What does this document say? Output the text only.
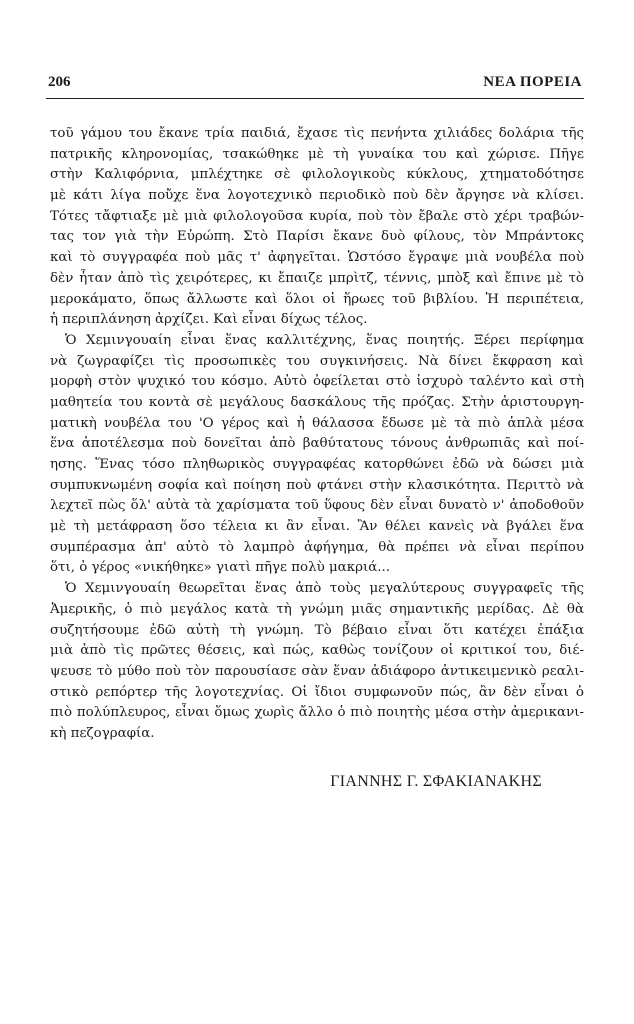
206	ΝΕΑ ΠΟΡΕΙΑ
τοῦ γάμου του ἔκανε τρία παιδιά, ἔχασε τὶς πενήντα χιλιάδες δολάρια τῆς
πατρικῆς κληρονομίας, τσακώθηκε μὲ τὴ γυναίκα του καὶ χώρισε. Πῆγε
στὴν Καλιφόρνια, μπλέχτηκε σὲ φιλολογικοὺς κύκλους, χτηματοδότησε
μὲ κάτι λίγα ποὔχε ἕνα λογοτεχνικὸ περιοδικὸ ποὺ δὲν ἄργησε νὰ κλίσει.
Τότες τἄφτιαξε μὲ μιὰ φιλολογοῦσα κυρία, ποὺ τὸν ἔβαλε στὸ χέρι τραβών-
τας τον γιὰ τὴν Εὐρώπη. Στὸ Παρίσι ἔκανε δυὸ φίλους, τὸν Μπράντοκς
καὶ τὸ συγγραφέα ποὺ μᾶς τ' ἀφηγεῖται. Ὡστόσο ἔγραψε μιὰ νουβέλα ποὺ
δὲν ἦταν ἀπὸ τὶς χειρότερες, κι ἔπαιζε μπρὶτζ, τέννις, μπὸξ καὶ ἔπινε μὲ τὸ
μεροκάματο, ὅπως ἄλλωστε καὶ ὅλοι οἱ ἥρωες τοῦ βιβλίου. Ἡ περιπέτεια,
ἡ περιπλάνηση ἀρχίζει. Καὶ εἶναι δίχως τέλος.
Ὁ Χεμινγουαίη εἶναι ἕνας καλλιτέχνης, ἕνας ποιητής. Ξέρει περίφημα
νὰ ζωγραφίζει τὶς προσωπικὲς του συγκινήσεις. Νὰ δίνει ἔκφραση καὶ
μορφὴ στὸν ψυχικό του κόσμο. Αὐτὸ ὀφείλεται στὸ ἰσχυρὸ ταλέντο καὶ στὴ
μαθητεία του κοντὰ σὲ μεγάλους δασκάλους τῆς πρόζας. Στὴν ἀριστουργη-
ματικὴ νουβέλα του 'Ο γέρος καὶ ἡ θάλασσα ἔδωσε μὲ τὰ πιὸ ἁπλὰ μέσα
ἕνα ἀποτέλεσμα ποὺ δονεῖται ἀπὸ βαθύτατους τόνους ἀνθρωπιᾶς καὶ ποί-
ησης. Ἕνας τόσο πληθωρικὸς συγγραφέας κατορθώνει ἐδῶ νὰ δώσει μιὰ
συμπυκνωμένη σοφία καὶ ποίηση ποὺ φτάνει στὴν κλασικότητα. Περιττὸ νὰ
λεχτεῖ πὼς ὅλ' αὐτὰ τὰ χαρίσματα τοῦ ὕφους δὲν εἶναι δυνατὸ ν' ἀποδοθοῦν
μὲ τὴ μετάφραση ὅσο τέλεια κι ἂν εἶναι. Ἂν θέλει κανεὶς νὰ βγάλει ἕνα
συμπέρασμα ἀπ' αὐτὸ τὸ λαμπρὸ ἀφήγημα, θὰ πρέπει νὰ εἶναι περίπου
ὅτι, ὁ γέρος «νικήθηκε» γιατὶ πῆγε πολὺ μακριά...
Ὁ Χεμινγουαίη θεωρεῖται ἕνας ἀπὸ τοὺς μεγαλύτερους συγγραφεῖς τῆς
Ἀμερικῆς, ὁ πιὸ μεγάλος κατὰ τὴ γνώμη μιᾶς σημαντικῆς μερίδας. Δὲ θὰ
συζητήσουμε ἐδῶ αὐτὴ τὴ γνώμη. Τὸ βέβαιο εἶναι ὅτι κατέχει ἐπάξια
μιὰ ἀπὸ τὶς πρῶτες θέσεις, καὶ πώς, καθὼς τονίζουν οἱ κριτικοί του, διέ-
ψευσε τὸ μύθο ποὺ τὸν παρουσίασε σὰν ἕναν ἀδιάφορο ἀντικειμενικὸ ρεαλι-
στικὸ ρεπόρτερ τῆς λογοτεχνίας. Οἱ ἴδιοι συμφωνοῦν πώς, ἂν δὲν εἶναι ὁ
πιὸ πολύπλευρος, εἶναι ὅμως χωρὶς ἄλλο ὁ πιὸ ποιητὴς μέσα στὴν ἀμερικανι-
κὴ πεζογραφία.
ΓΙΑΝΝΗΣ Γ. ΣΦΑΚΙΑΝΑΚΗΣ
